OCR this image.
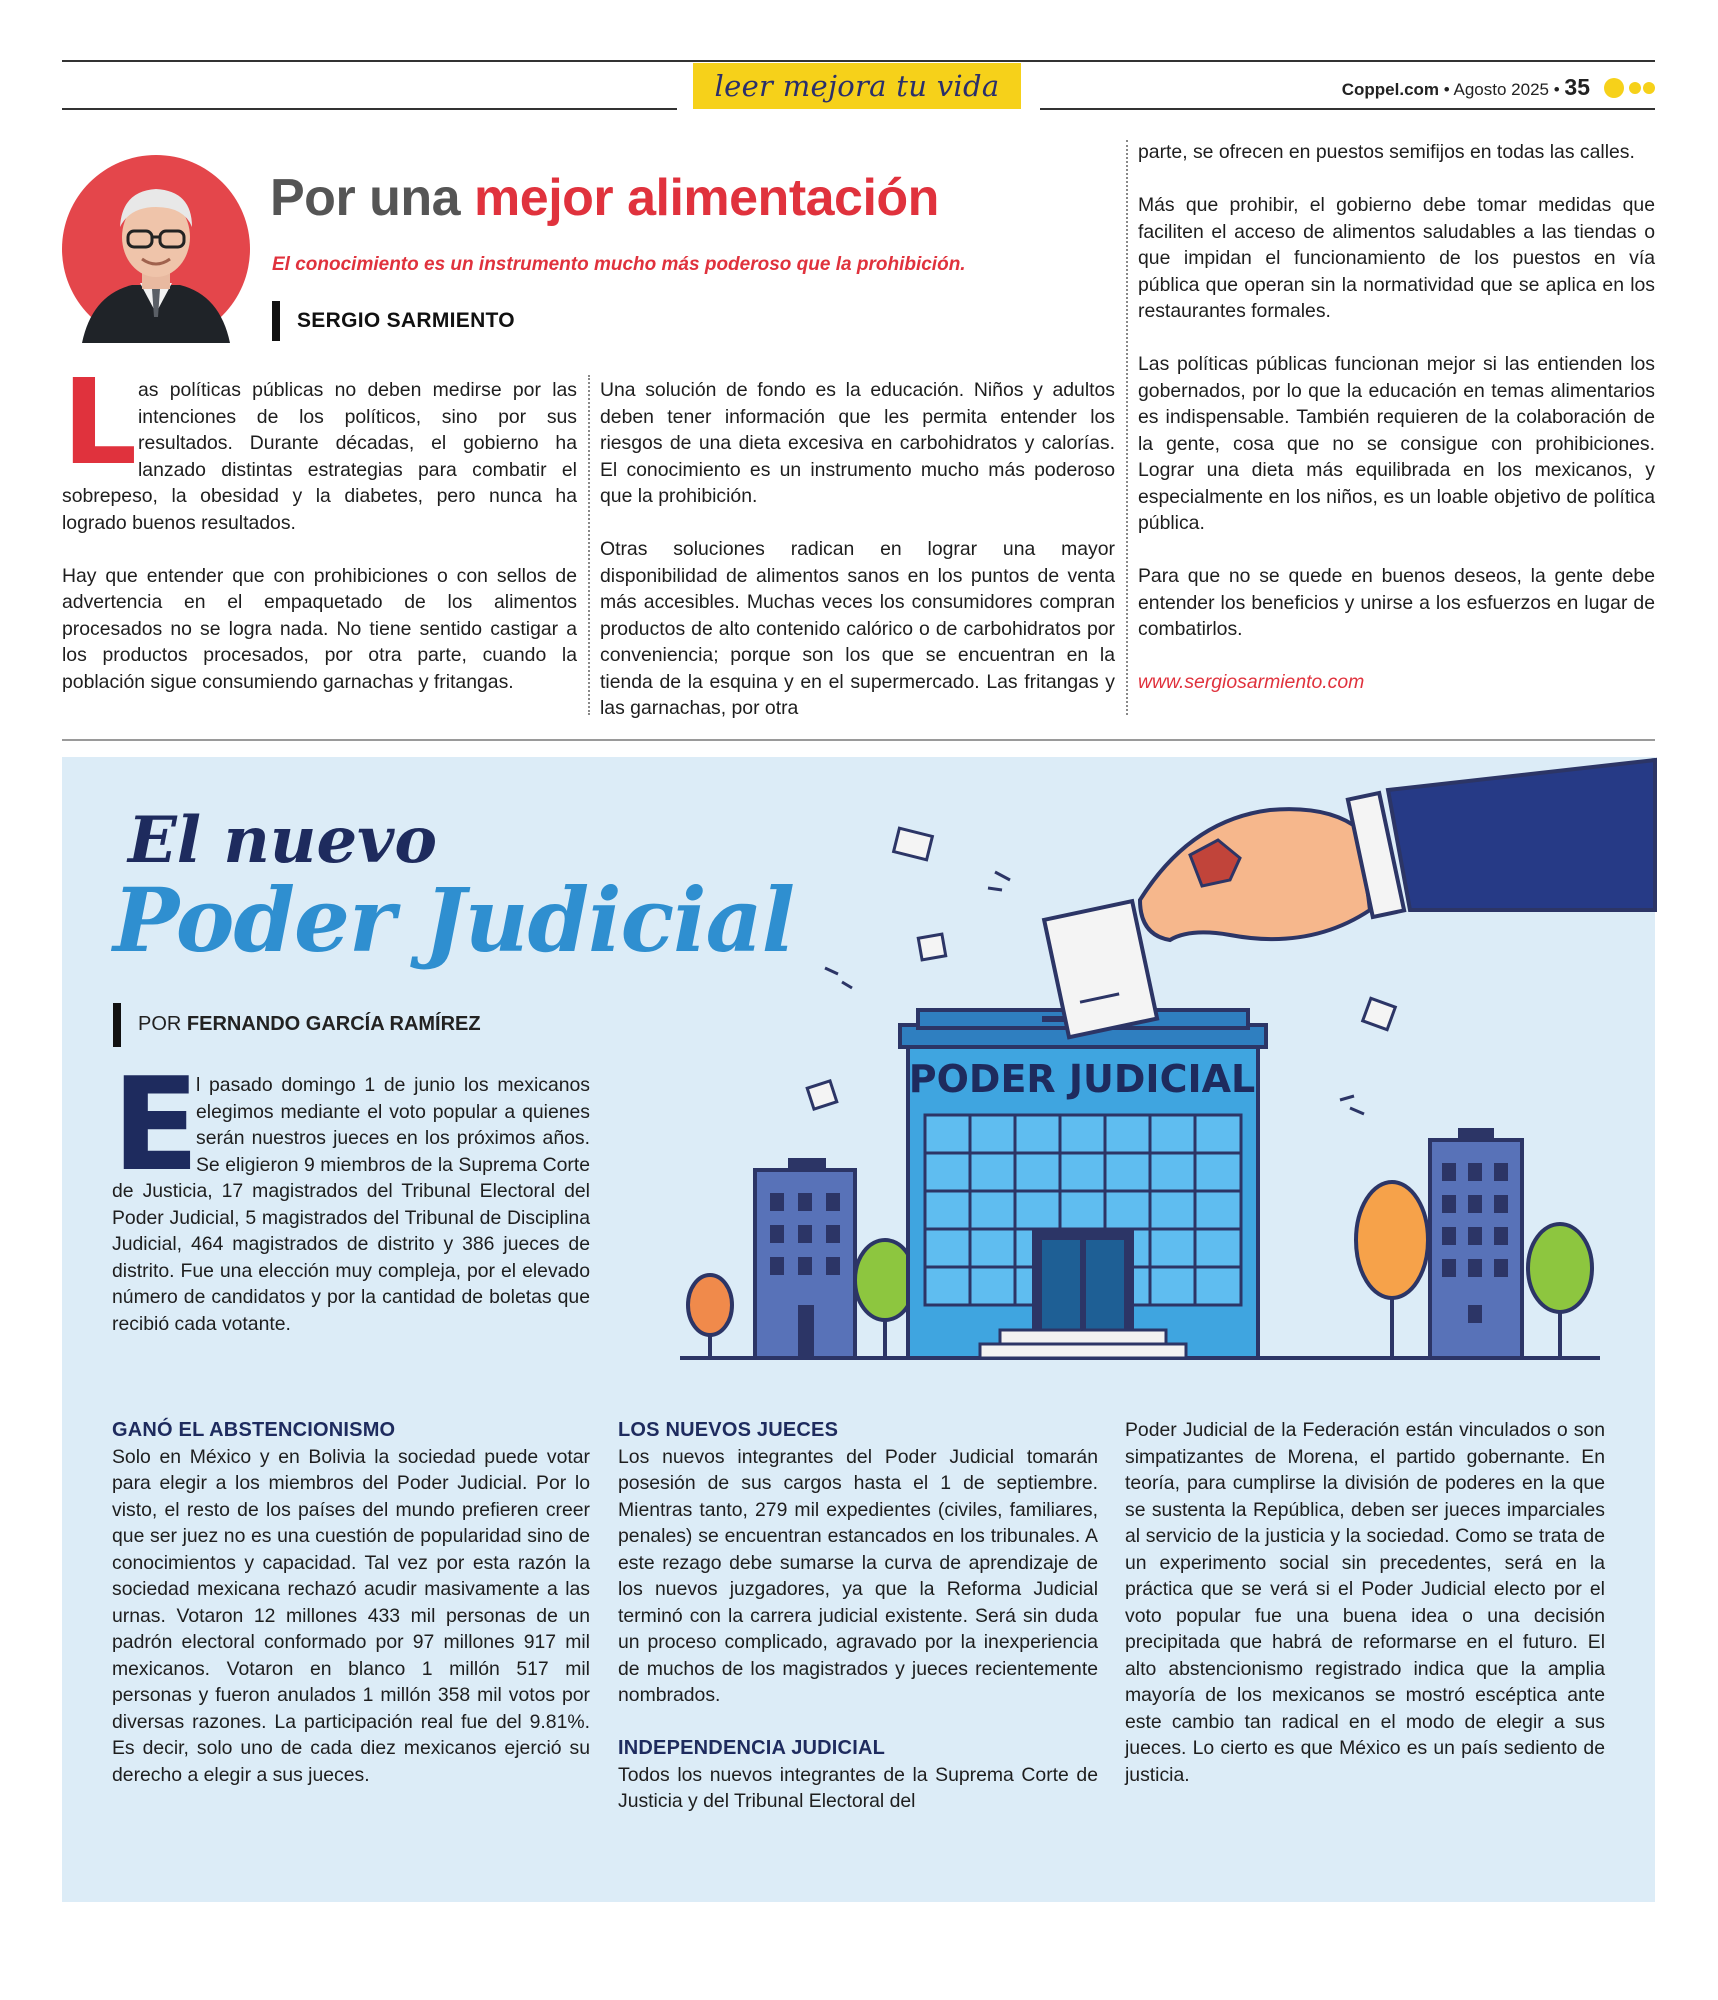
leer mejora tu vida	Coppel.com • Agosto 2025 • 35
Por una mejor alimentación
El conocimiento es un instrumento mucho más poderoso que la prohibición.
SERGIO SARMIENTO
L as políticas públicas no deben medirse por las intenciones de los políticos, sino por sus resultados. Durante décadas, el gobierno ha lanzado distintas estrategias para combatir el sobrepeso, la obesidad y la diabetes, pero nunca ha logrado buenos resultados.

Hay que entender que con prohibiciones o con sellos de advertencia en el empaquetado de los alimentos procesados no se logra nada. No tiene sentido castigar a los productos procesados, por otra parte, cuando la población sigue consumiendo garnachas y fritangas.

Una solución de fondo es la educación. Niños y adultos deben tener información que les permita entender los riesgos de una dieta excesiva en carbohidratos y calorías. El conocimiento es un instrumento mucho más poderoso que la prohibición.

Otras soluciones radican en lograr una mayor disponibilidad de alimentos sanos en los puntos de venta más accesibles. Muchas veces los consumidores compran productos de alto contenido calórico o de carbohidratos por conveniencia; porque son los que se encuentran en la tienda de la esquina y en el supermercado. Las fritangas y las garnachas, por otra

parte, se ofrecen en puestos semifijos en todas las calles.

Más que prohibir, el gobierno debe tomar medidas que faciliten el acceso de alimentos saludables a las tiendas o que impidan el funcionamiento de los puestos en vía pública que operan sin la normatividad que se aplica en los restaurantes formales.

Las políticas públicas funcionan mejor si las entienden los gobernados, por lo que la educación en temas alimentarios es indispensable. También requieren de la colaboración de la gente, cosa que no se consigue con prohibiciones. Lograr una dieta más equilibrada en los mexicanos, y especialmente en los niños, es un loable objetivo de política pública.

Para que no se quede en buenos deseos, la gente debe entender los beneficios y unirse a los esfuerzos en lugar de combatirlos.

www.sergiosarmiento.com

PODER JUDICIAL
El nuevo
Poder Judicial
POR FERNANDO GARCÍA RAMÍREZ
E

l pasado domingo 1 de junio los mexicanos elegimos mediante el voto popular a quienes serán nuestros jueces en los próximos años. Se eligieron 9 miembros de la Suprema Corte de Justicia, 17 magistrados del Tribunal Electoral del Poder Judicial, 5 magistrados del Tribunal de Disciplina Judicial, 464 magistrados de distrito y 386 jueces de distrito. Fue una elección muy compleja, por el elevado número de candidatos y por la cantidad de boletas que recibió cada votante.

GANÓ EL ABSTENCIONISMO

Solo en México y en Bolivia la sociedad puede votar para elegir a los miembros del Poder Judicial. Por lo visto, el resto de los países del mundo prefieren creer que ser juez no es una cuestión de popularidad sino de conocimientos y capacidad. Tal vez por esta razón la sociedad mexicana rechazó acudir masivamente a las urnas. Votaron 12 millones 433 mil personas de un padrón electoral conformado por 97 millones 917 mil mexicanos. Votaron en blanco 1 millón 517 mil personas y fueron anulados 1 millón 358 mil votos por diversas razones. La participación real fue del 9.81%. Es decir, solo uno de cada diez mexicanos ejerció su derecho a elegir a sus jueces.

LOS NUEVOS JUECES

Los nuevos integrantes del Poder Judicial tomarán posesión de sus cargos hasta el 1 de septiembre. Mientras tanto, 279 mil expedientes (civiles, familiares, penales) se encuentran estancados en los tribunales. A este rezago debe sumarse la curva de aprendizaje de los nuevos juzgadores, ya que la Reforma Judicial terminó con la carrera judicial existente. Será sin duda un proceso complicado, agravado por la inexperiencia de muchos de los magistrados y jueces recientemente nombrados.

INDEPENDENCIA JUDICIAL

Todos los nuevos integrantes de la Suprema Corte de Justicia y del Tribunal Electoral del

Poder Judicial de la Federación están vinculados o son simpatizantes de Morena, el partido gobernante. En teoría, para cumplirse la división de poderes en la que se sustenta la República, deben ser jueces imparciales al servicio de la justicia y la sociedad. Como se trata de un experimento social sin precedentes, será en la práctica que se verá si el Poder Judicial electo por el voto popular fue una buena idea o una decisión precipitada que habrá de reformarse en el futuro. El alto abstencionismo registrado indica que la amplia mayoría de los mexicanos se mostró escéptica ante este cambio tan radical en el modo de elegir a sus jueces. Lo cierto es que México es un país sediento de justicia.
